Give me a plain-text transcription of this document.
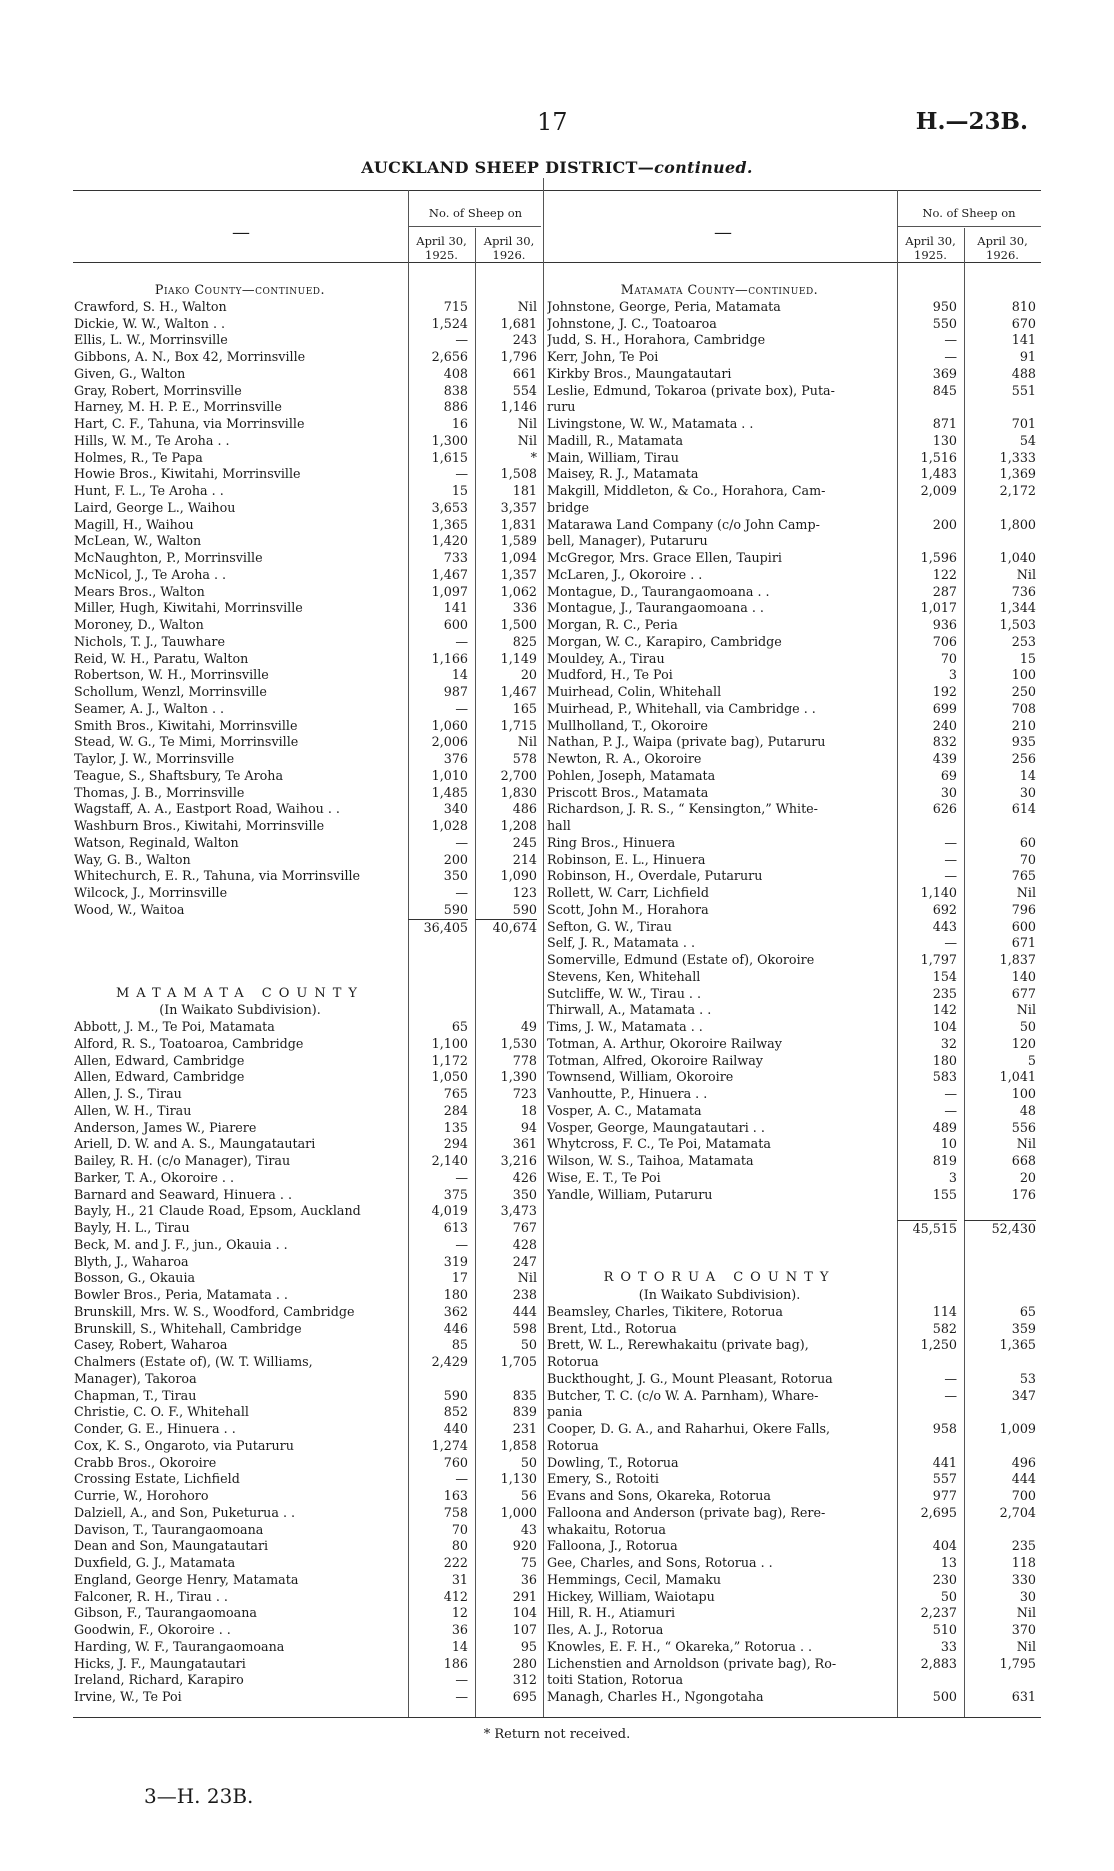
17	H.—23B.
AUCKLAND SHEEP DISTRICT—continued.
—
No. of Sheep on
April 30,
1925.
April 30,
1926.
—
No. of Sheep on
April 30,
1925.
April 30,
1926.
Piako County—continued.
Crawford, S. H., Walton	715	Nil
Dickie, W. W., Walton . .	1,524	1,681
Ellis, L. W., Morrinsville	—	243
Gibbons, A. N., Box 42, Morrinsville	2,656	1,796
Given, G., Walton	408	661
Gray, Robert, Morrinsville	838	554
Harney, M. H. P. E., Morrinsville	886	1,146
Hart, C. F., Tahuna, via Morrinsville	16	Nil
Hills, W. M., Te Aroha . .	1,300	Nil
Holmes, R., Te Papa	1,615	*
Howie Bros., Kiwitahi, Morrinsville	—	1,508
Hunt, F. L., Te Aroha . .	15	181
Laird, George L., Waihou	3,653	3,357
Magill, H., Waihou	1,365	1,831
McLean, W., Walton	1,420	1,589
McNaughton, P., Morrinsville	733	1,094
McNicol, J., Te Aroha . .	1,467	1,357
Mears Bros., Walton	1,097	1,062
Miller, Hugh, Kiwitahi, Morrinsville	141	336
Moroney, D., Walton	600	1,500
Nichols, T. J., Tauwhare	—	825
Reid, W. H., Paratu, Walton	1,166	1,149
Robertson, W. H., Morrinsville	14	20
Schollum, Wenzl, Morrinsville	987	1,467
Seamer, A. J., Walton . .	—	165
Smith Bros., Kiwitahi, Morrinsville	1,060	1,715
Stead, W. G., Te Mimi, Morrinsville	2,006	Nil
Taylor, J. W., Morrinsville	376	578
Teague, S., Shaftsbury, Te Aroha	1,010	2,700
Thomas, J. B., Morrinsville	1,485	1,830
Wagstaff, A. A., Eastport Road, Waihou . .	340	486
Washburn Bros., Kiwitahi, Morrinsville	1,028	1,208
Watson, Reginald, Walton	—	245
Way, G. B., Walton	200	214
Whitechurch, E. R., Tahuna, via Morrinsville	350	1,090
Wilcock, J., Morrinsville	—	123
Wood, W., Waitoa	590	590
36,405	40,674
MATAMATA COUNTY
(In Waikato Subdivision).
Abbott, J. M., Te Poi, Matamata	65	49
Alford, R. S., Toatoaroa, Cambridge	1,100	1,530
Allen, Edward, Cambridge	1,172	778
Allen, Edward, Cambridge	1,050	1,390
Allen, J. S., Tirau	765	723
Allen, W. H., Tirau	284	18
Anderson, James W., Piarere	135	94
Ariell, D. W. and A. S., Maungatautari	294	361
Bailey, R. H. (c/o Manager), Tirau	2,140	3,216
Barker, T. A., Okoroire . .	—	426
Barnard and Seaward, Hinuera . .	375	350
Bayly, H., 21 Claude Road, Epsom, Auckland	4,019	3,473
Bayly, H. L., Tirau	613	767
Beck, M. and J. F., jun., Okauia . .	—	428
Blyth, J., Waharoa	319	247
Bosson, G., Okauia	17	Nil
Bowler Bros., Peria, Matamata . .	180	238
Brunskill, Mrs. W. S., Woodford, Cambridge	362	444
Brunskill, S., Whitehall, Cambridge	446	598
Casey, Robert, Waharoa	85	50
Chalmers (Estate of), (W. T. Williams,	2,429	1,705
Manager), Takoroa
Chapman, T., Tirau	590	835
Christie, C. O. F., Whitehall	852	839
Conder, G. E., Hinuera . .	440	231
Cox, K. S., Ongaroto, via Putaruru	1,274	1,858
Crabb Bros., Okoroire	760	50
Crossing Estate, Lichfield	—	1,130
Currie, W., Horohoro	163	56
Dalziell, A., and Son, Puketurua . .	758	1,000
Davison, T., Taurangaomoana	70	43
Dean and Son, Maungatautari	80	920
Duxfield, G. J., Matamata	222	75
England, George Henry, Matamata	31	36
Falconer, R. H., Tirau . .	412	291
Gibson, F., Taurangaomoana	12	104
Goodwin, F., Okoroire . .	36	107
Harding, W. F., Taurangaomoana	14	95
Hicks, J. F., Maungatautari	186	280
Ireland, Richard, Karapiro	—	312
Irvine, W., Te Poi	—	695
Matamata County—continued.
Johnstone, George, Peria, Matamata	950	810
Johnstone, J. C., Toatoaroa	550	670
Judd, S. H., Horahora, Cambridge	—	141
Kerr, John, Te Poi	—	91
Kirkby Bros., Maungatautari	369	488
Leslie, Edmund, Tokaroa (private box), Puta-	845	551
ruru
Livingstone, W. W., Matamata . .	871	701
Madill, R., Matamata	130	54
Main, William, Tirau	1,516	1,333
Maisey, R. J., Matamata	1,483	1,369
Makgill, Middleton, & Co., Horahora, Cam-	2,009	2,172
bridge
Matarawa Land Company (c/o John Camp-	200	1,800
bell, Manager), Putaruru
McGregor, Mrs. Grace Ellen, Taupiri	1,596	1,040
McLaren, J., Okoroire . .	122	Nil
Montague, D., Taurangaomoana . .	287	736
Montague, J., Taurangaomoana . .	1,017	1,344
Morgan, R. C., Peria	936	1,503
Morgan, W. C., Karapiro, Cambridge	706	253
Mouldey, A., Tirau	70	15
Mudford, H., Te Poi	3	100
Muirhead, Colin, Whitehall	192	250
Muirhead, P., Whitehall, via Cambridge . .	699	708
Mullholland, T., Okoroire	240	210
Nathan, P. J., Waipa (private bag), Putaruru	832	935
Newton, R. A., Okoroire	439	256
Pohlen, Joseph, Matamata	69	14
Priscott Bros., Matamata	30	30
Richardson, J. R. S., “ Kensington,” White-	626	614
hall
Ring Bros., Hinuera	—	60
Robinson, E. L., Hinuera	—	70
Robinson, H., Overdale, Putaruru	—	765
Rollett, W. Carr, Lichfield	1,140	Nil
Scott, John M., Horahora	692	796
Sefton, G. W., Tirau	443	600
Self, J. R., Matamata . .	—	671
Somerville, Edmund (Estate of), Okoroire	1,797	1,837
Stevens, Ken, Whitehall	154	140
Sutcliffe, W. W., Tirau . .	235	677
Thirwall, A., Matamata . .	142	Nil
Tims, J. W., Matamata . .	104	50
Totman, A. Arthur, Okoroire Railway	32	120
Totman, Alfred, Okoroire Railway	180	5
Townsend, William, Okoroire	583	1,041
Vanhoutte, P., Hinuera . .	—	100
Vosper, A. C., Matamata	—	48
Vosper, George, Maungatautari . .	489	556
Whytcross, F. C., Te Poi, Matamata	10	Nil
Wilson, W. S., Taihoa, Matamata	819	668
Wise, E. T., Te Poi	3	20
Yandle, William, Putaruru	155	176
45,515	52,430
ROTORUA COUNTY
(In Waikato Subdivision).
Beamsley, Charles, Tikitere, Rotorua	114	65
Brent, Ltd., Rotorua	582	359
Brett, W. L., Rerewhakaitu (private bag),	1,250	1,365
Rotorua
Buckthought, J. G., Mount Pleasant, Rotorua	—	53
Butcher, T. C. (c/o W. A. Parnham), Whare-	—	347
pania
Cooper, D. G. A., and Raharhui, Okere Falls,	958	1,009
Rotorua
Dowling, T., Rotorua	441	496
Emery, S., Rotoiti	557	444
Evans and Sons, Okareka, Rotorua	977	700
Falloona and Anderson (private bag), Rere-	2,695	2,704
whakaitu, Rotorua
Falloona, J., Rotorua	404	235
Gee, Charles, and Sons, Rotorua . .	13	118
Hemmings, Cecil, Mamaku	230	330
Hickey, William, Waiotapu	50	30
Hill, R. H., Atiamuri	2,237	Nil
Iles, A. J., Rotorua	510	370
Knowles, E. F. H., “ Okareka,” Rotorua . .	33	Nil
Lichenstien and Arnoldson (private bag), Ro-	2,883	1,795
toiti Station, Rotorua
Managh, Charles H., Ngongotaha	500	631
* Return not received.
3—H. 23B.
